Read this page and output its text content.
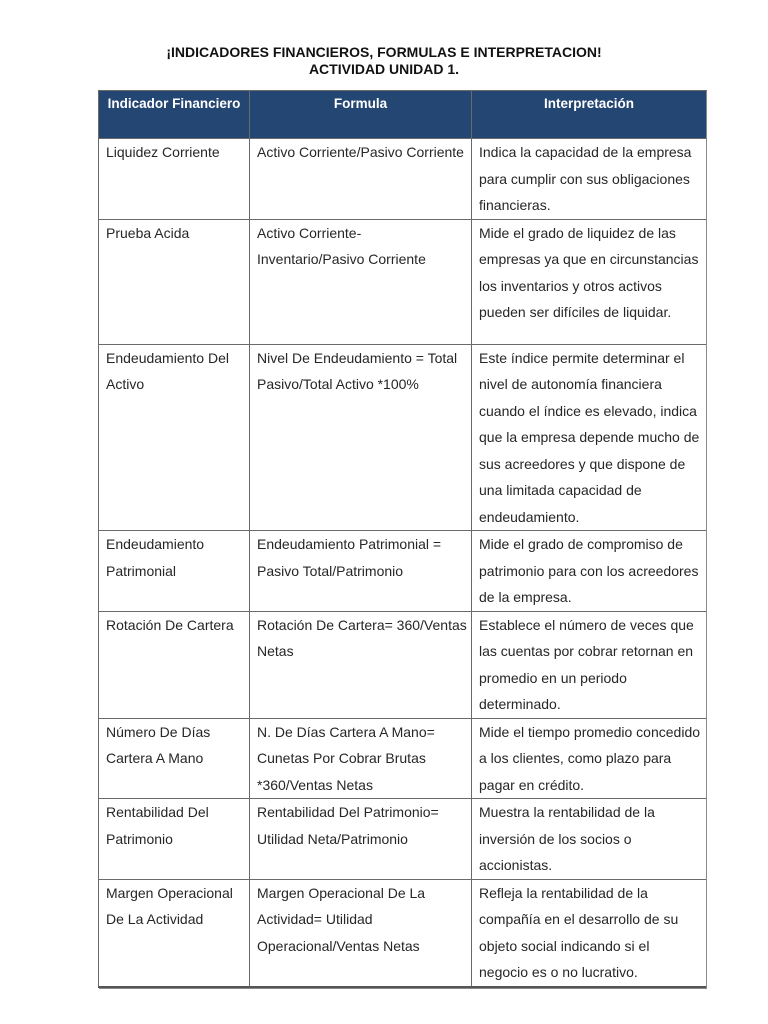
¡INDICADORES FINANCIEROS, FORMULAS E INTERPRETACION!
ACTIVIDAD UNIDAD 1.
Indicador Financiero	Formula	Interpretación
Liquidez Corriente	Activo Corriente/Pasivo Corriente	Indica la capacidad de la empresa para cumplir con sus obligaciones financieras.
Prueba Acida	Activo Corriente-Inventario/Pasivo Corriente	Mide el grado de liquidez de las empresas ya que en circunstancias los inventarios y otros activos pueden ser difíciles de liquidar.
Endeudamiento Del Activo	Nivel De Endeudamiento = Total Pasivo/Total Activo *100%	Este índice permite determinar el nivel de autonomía financiera cuando el índice es elevado, indica que la empresa depende mucho de sus acreedores y que dispone de una limitada capacidad de endeudamiento.
Endeudamiento Patrimonial	Endeudamiento Patrimonial = Pasivo Total/Patrimonio	Mide el grado de compromiso de patrimonio para con los acreedores de la empresa.
Rotación De Cartera	Rotación De Cartera= 360/Ventas Netas	Establece el número de veces que las cuentas por cobrar retornan en promedio en un periodo determinado.
Número De Días Cartera A Mano	N. De Días Cartera A Mano= Cunetas Por Cobrar Brutas *360/Ventas Netas	Mide el tiempo promedio concedido a los clientes, como plazo para pagar en crédito.
Rentabilidad Del Patrimonio	Rentabilidad Del Patrimonio= Utilidad Neta/Patrimonio	Muestra la rentabilidad de la inversión de los socios o accionistas.
Margen Operacional De La Actividad	Margen Operacional De La Actividad= Utilidad Operacional/Ventas Netas	Refleja la rentabilidad de la compañía en el desarrollo de su objeto social indicando si el negocio es o no lucrativo.
